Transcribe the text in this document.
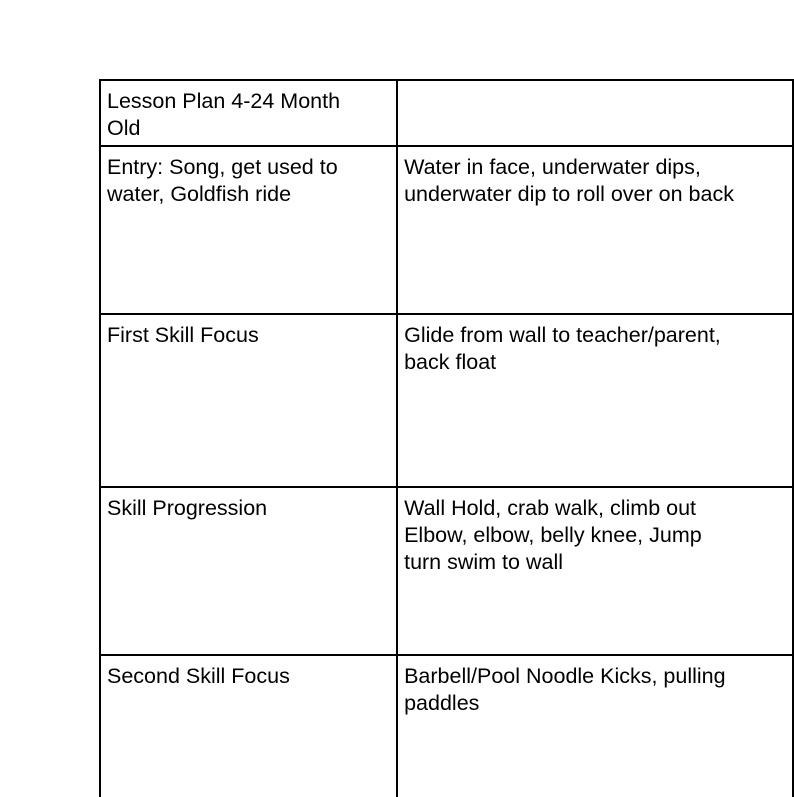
Lesson Plan 4-24 Month
Old	

Entry: Song, get used to
water, Goldfish ride	Water in face, underwater dips,
underwater dip to roll over on back

First Skill Focus	Glide from wall to teacher/parent,
back float

Skill Progression	Wall Hold, crab walk, climb out
Elbow, elbow, belly knee, Jump
turn swim to wall

Second Skill Focus	Barbell/Pool Noodle Kicks, pulling
paddles
